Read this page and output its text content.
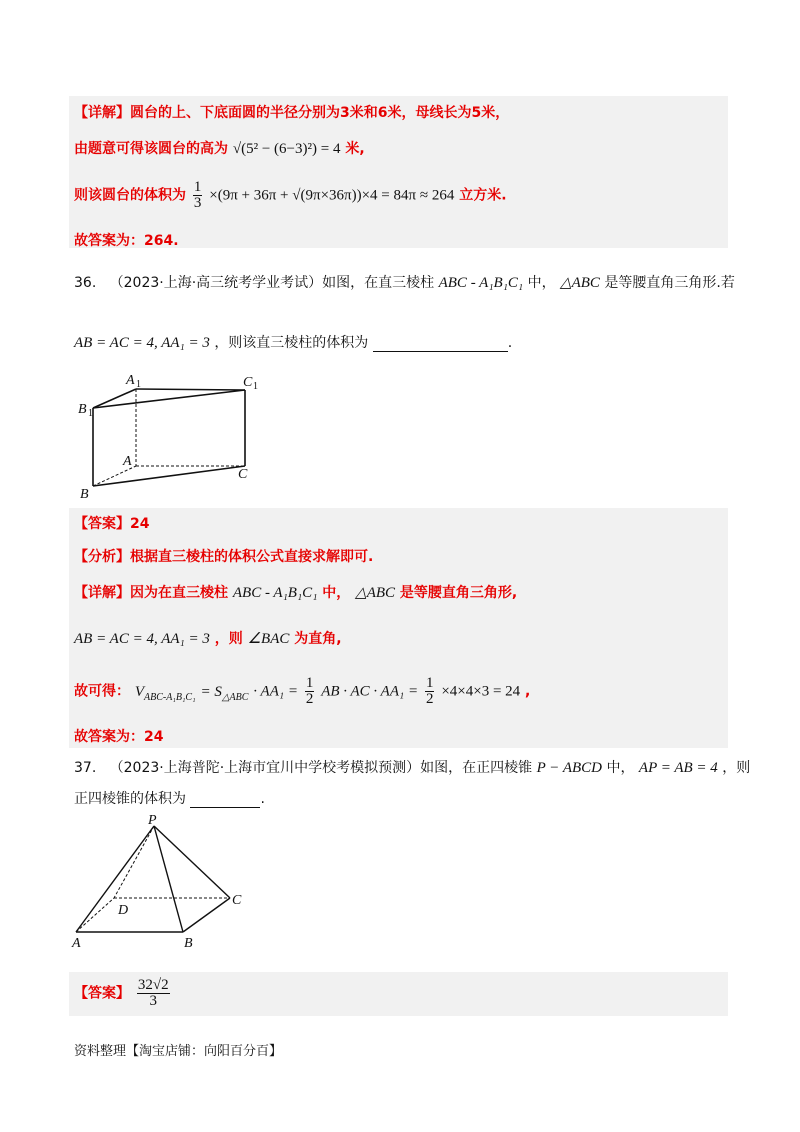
【详解】圆台的上、下底面圆的半径分别为3米和6米，母线长为5米，
由题意可得该圆台的高为 √(5² − (6−3)²) = 4 米,
则该圆台的体积为 $\frac{1}{3} \times(9\pi + 36\pi + √(9\pi\times 36\pi))\times 4 = 84\pi \approx 264$ 立方米.
故答案为：264.
36. （2023·上海·高三统考学业考试）如图，在直三棱柱 ABC - A₁B₁C₁ 中， △ABC 是等腰直角三角形.若
AB = AC = 4, AA₁ = 3 ，则该直三棱柱的体积为	.
A 1
B 1
C 1
A
B
C
【答案】24
【分析】根据直三棱柱的体积公式直接求解即可.
【详解】因为在直三棱柱 ABC - A₁B₁C₁ 中， △ABC 是等腰直角三角形,
AB = AC = 4, AA₁ = 3 ，则 ∠BAC 为直角,
故可得： $V_{ABC-A_1B_1C_1} = S_{\triangle ABC} \cdot AA_1 = \frac{1}{2}$ AB · AC · $AA_1 = \frac{1}{2} \times 4\times 4\times 3 = 24$ ,
故答案为：24
37. （2023·上海普陀·上海市宜川中学校考模拟预测）如图，在正四棱锥 P − ABCD 中， AP = AB = 4 ，则
正四棱锥的体积为	.
P
D
C
A	B
【答案】 $\frac{32√2}{3}$
资料整理【淘宝店铺：向阳百分百】
